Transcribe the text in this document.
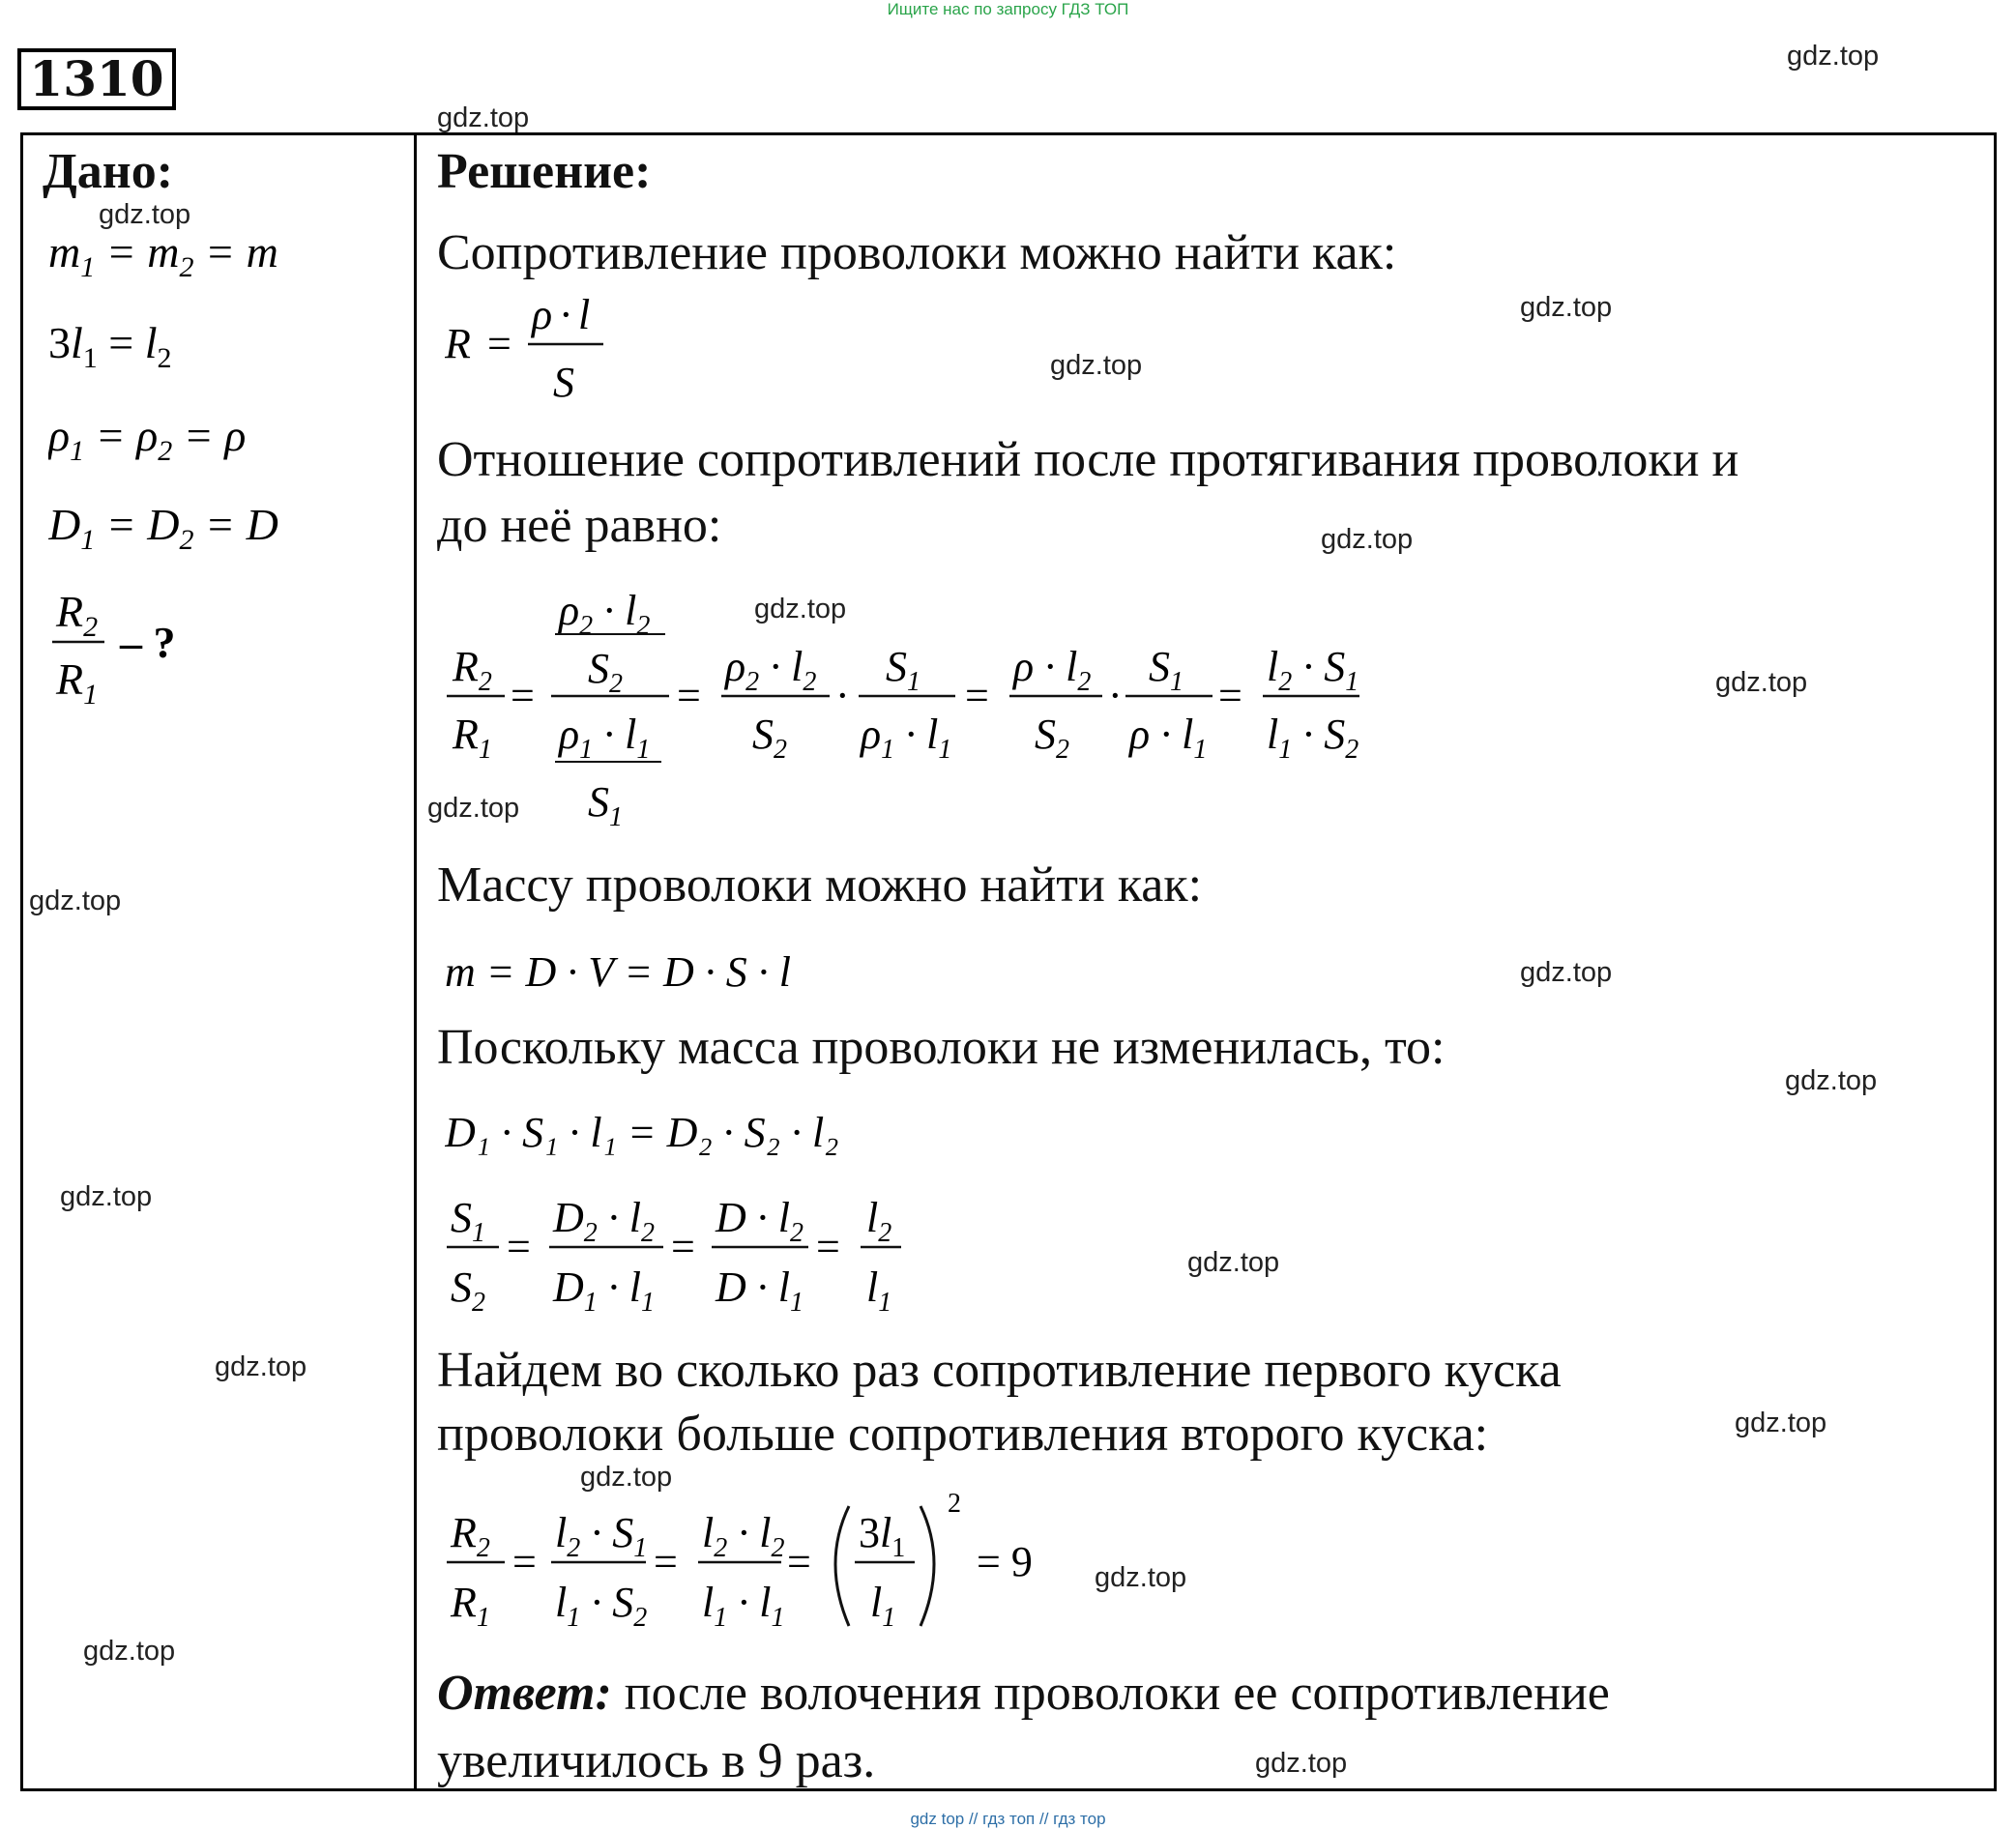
Ищите нас по запросу ГДЗ ТОП
1310
Дано:
$m_1 = m_2 = m$
$3l_1 = l_2$
$\rho_1 = \rho_2 = \rho$
$D_1 = D_2 = D$
$R_2$
$R_1$
– ?
Решение:
Сопротивление проволоки можно найти как:
R =
ρ · l
S
Отношение сопротивлений после протягивания проволоки и
до неё равно:
$R_2$
$R_1$
=
$\rho_2 \cdot l_2$
$S_2$
$\rho_1 \cdot l_1$
$S_1$
=
$\rho_2 \cdot l_2$
$S_2$
·
$S_1$
$\rho_1 \cdot l_1$
=
$\rho \cdot l_2$
$S_2$
·
$S_1$
$\rho \cdot l_1$
=
$l_2 \cdot S_1$
$l_1 \cdot S_2$
Массу проволоки можно найти как:
m = D · V = D · S · l
Поскольку масса проволоки не изменилась, то:
D₁ · S₁ · l₁ = D₂ · S₂ · l₂
$S_1$
$S_2$
=
$D_2 \cdot l_2$
$D_1 \cdot l_1$
=
$D \cdot l_2$
$D \cdot l_1$
=
$l_2$
$l_1$
Найдем во сколько раз сопротивление первого куска
проволоки больше сопротивления второго куска:
$R_2$
$R_1$
=
$l_2 \cdot S_1$
$l_1 \cdot S_2$
=
$l_2 \cdot l_2$
$l_1 \cdot l_1$
=
$3l_1$
$l_1$
2
= 9
Ответ: после волочения проволоки ее сопротивление
увеличилось в 9 раз.
gdz.top
gdz.top
gdz.top
gdz.top
gdz.top
gdz.top
gdz.top
gdz.top
gdz.top
gdz.top
gdz.top
gdz.top
gdz.top
gdz.top
gdz.top
gdz.top
gdz.top
gdz.top
gdz.top
gdz.top
gdz top // гдз топ // гдз тор
